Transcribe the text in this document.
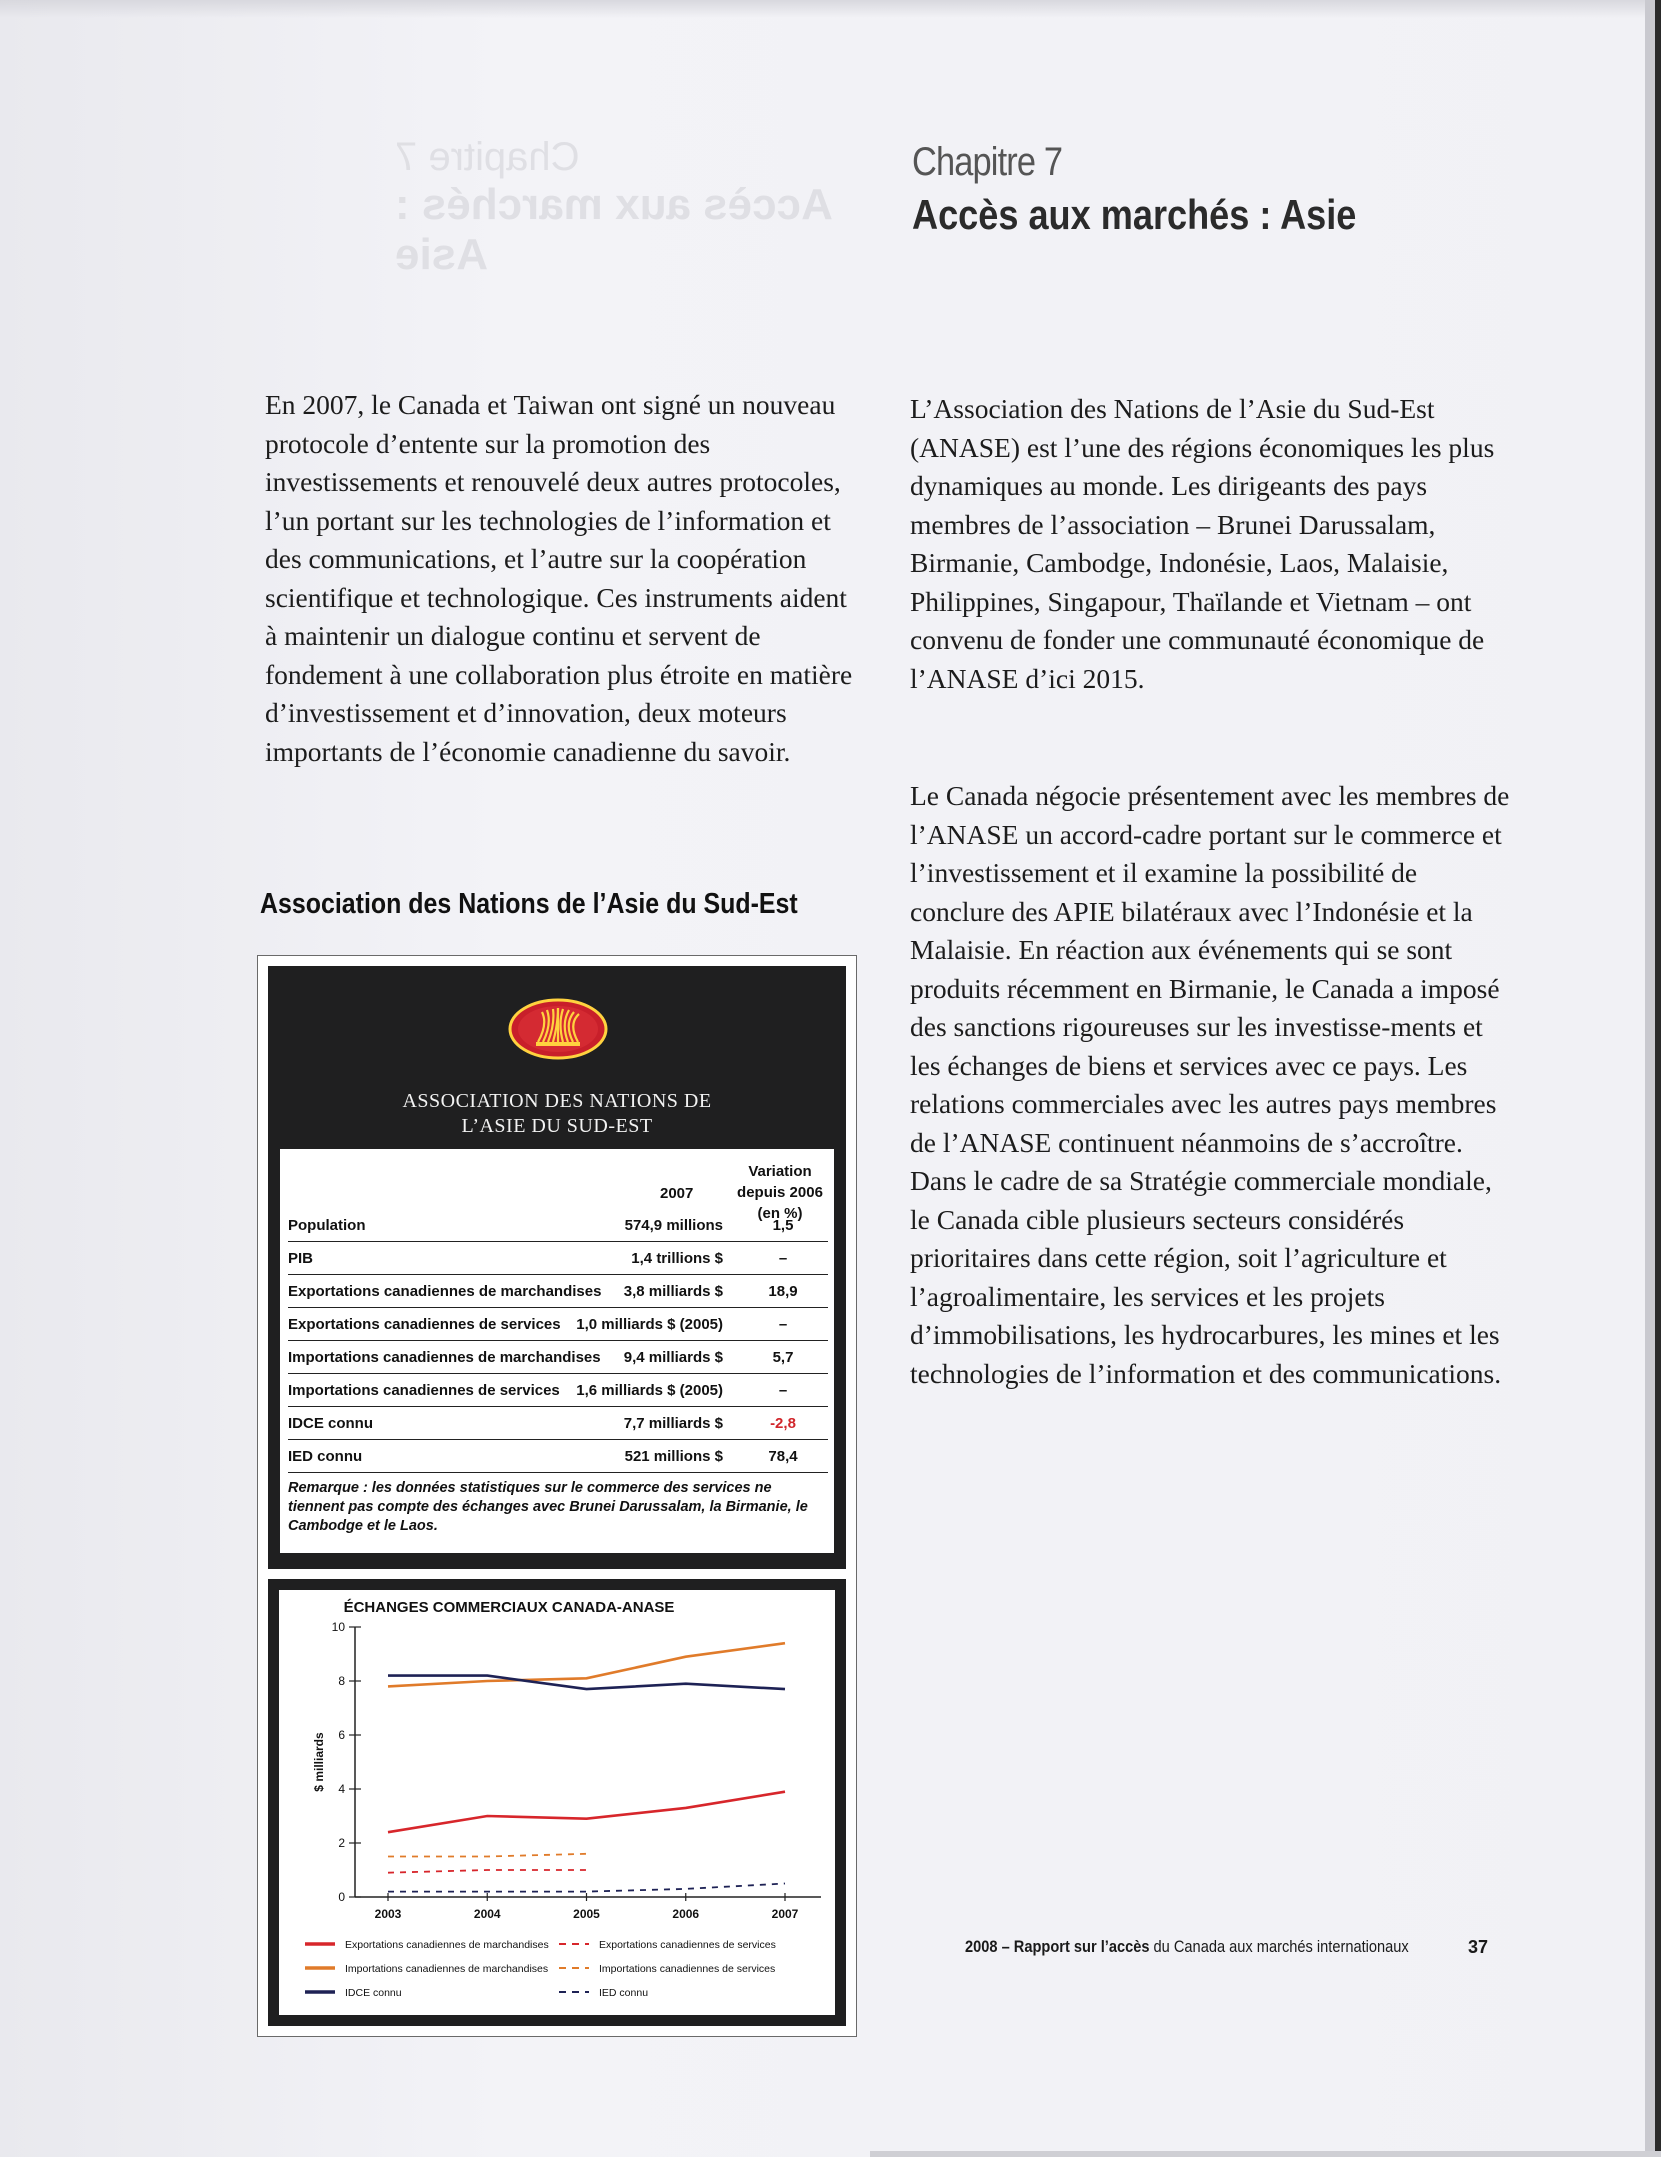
Chapitre 7
Accès aux marchés : Asie
Chapitre 7
Accès aux marchés : Asie
En 2007, le Canada et Taiwan ont signé un nouveau protocole d’entente sur la promotion des investissements et renouvelé deux autres protocoles, l’un portant sur les technologies de l’information et des communications, et l’autre sur la coopération scientifique et technologique. Ces instruments aident à maintenir un dialogue continu et servent de fondement à une collaboration plus étroite en matière d’investissement et d’innovation, deux moteurs importants de l’économie canadienne du savoir.
L’Association des Nations de l’Asie du Sud-Est (ANASE) est l’une des régions économiques les plus dynamiques au monde. Les dirigeants des pays membres de l’association – Brunei Darussalam, Birmanie, Cambodge, Indonésie, Laos, Malaisie, Philippines, Singapour, Thaïlande et Vietnam – ont convenu de fonder une communauté économique de l’ANASE d’ici 2015.
Le Canada négocie présentement avec les membres de l’ANASE un accord-cadre portant sur le commerce et l’investissement et il examine la possibilité de conclure des APIE bilatéraux avec l’Indonésie et la Malaisie. En réaction aux événements qui se sont produits récemment en Birmanie, le Canada a imposé des sanctions rigoureuses sur les investisse-ments et les échanges de biens et services avec ce pays. Les relations commerciales avec les autres pays membres de l’ANASE continuent néanmoins de s’accroître. Dans le cadre de sa Stratégie commerciale mondiale, le Canada cible plusieurs secteurs considérés prioritaires dans cette région, soit l’agriculture et l’agroalimentaire, les services et les projets d’immobilisations, les hydrocarbures, les mines et les technologies de l’information et des communications.
Association des Nations de l’Asie du Sud-Est
ASSOCIATION DES NATIONS DE L’ASIE DU SUD-EST
Variation depuis 2006 (en %)
2007
Population	574,9 millions	1,5
PIB	1,4 trillions $	–
Exportations canadiennes de marchandises	3,8 milliards $	18,9
Exportations canadiennes de services	1,0 milliards $ (2005)	–
Importations canadiennes de marchandises	9,4 milliards $	5,7
Importations canadiennes de services	1,6 milliards $ (2005)	–
IDCE connu	7,7 milliards $	-2,8
IED connu	521 millions $	78,4
Remarque : les données statistiques sur le commerce des services ne tiennent pas compte des échanges avec Brunei Darussalam, la Birmanie, le Cambodge et le Laos.
ÉCHANGES COMMERCIAUX CANADA-ANASE
0
2
4
6
8
10
2003	2004	2005	2006	2007
$ milliards
Exportations canadiennes de marchandises
Importations canadiennes de marchandises
IDCE connu
Exportations canadiennes de services
Importations canadiennes de services
IED connu
2008 – Rapport sur l’accès du Canada aux marchés internationaux	37
